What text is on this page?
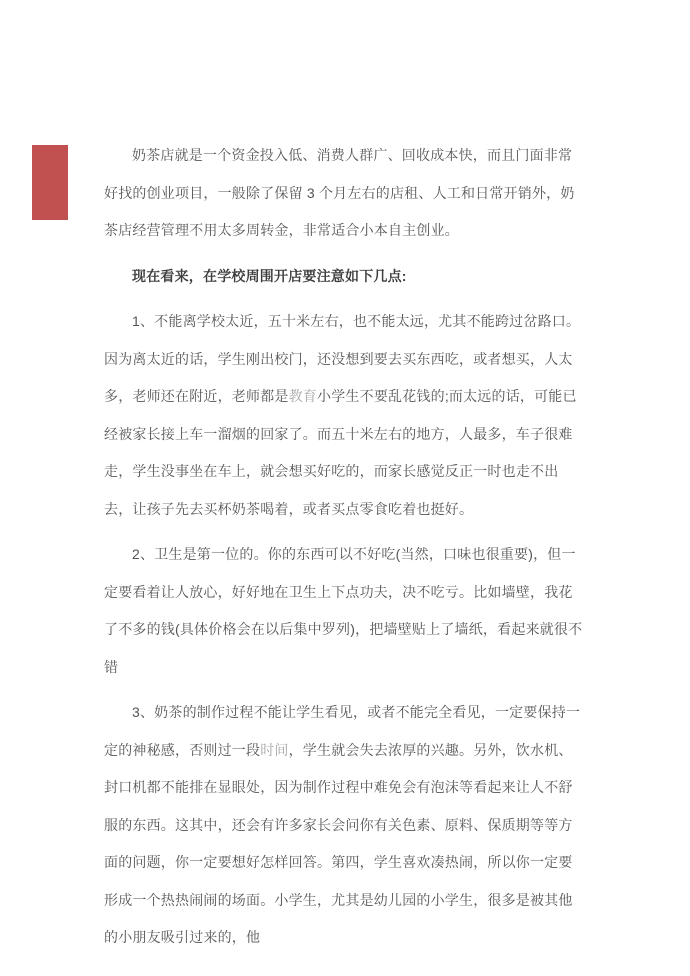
奶茶店就是一个资金投入低、消费人群广、回收成本快，而且门面非常好找的创业项目，一般除了保留 3 个月左右的店租、人工和日常开销外，奶茶店经营管理不用太多周转金，非常适合小本自主创业。

现在看来，在学校周围开店要注意如下几点:

1、不能离学校太近，五十米左右，也不能太远，尤其不能跨过岔路口。因为离太近的话，学生刚出校门，还没想到要去买东西吃，或者想买，人太多，老师还在附近，老师都是教育小学生不要乱花钱的;而太远的话，可能已经被家长接上车一溜烟的回家了。而五十米左右的地方，人最多，车子很难走，学生没事坐在车上，就会想买好吃的，而家长感觉反正一时也走不出去，让孩子先去买杯奶茶喝着，或者买点零食吃着也挺好。

2、卫生是第一位的。你的东西可以不好吃(当然，口味也很重要)，但一定要看着让人放心，好好地在卫生上下点功夫，决不吃亏。比如墙壁，我花了不多的钱(具体价格会在以后集中罗列)，把墙壁贴上了墙纸，看起来就很不错

3、奶茶的制作过程不能让学生看见，或者不能完全看见，一定要保持一定的神秘感，否则过一段时间，学生就会失去浓厚的兴趣。另外，饮水机、封口机都不能排在显眼处，因为制作过程中难免会有泡沫等看起来让人不舒服的东西。这其中，还会有许多家长会问你有关色素、原料、保质期等等方面的问题，你一定要想好怎样回答。第四，学生喜欢凑热闹，所以你一定要形成一个热热闹闹的场面。小学生，尤其是幼儿园的小学生，很多是被其他的小朋友吸引过来的，他
